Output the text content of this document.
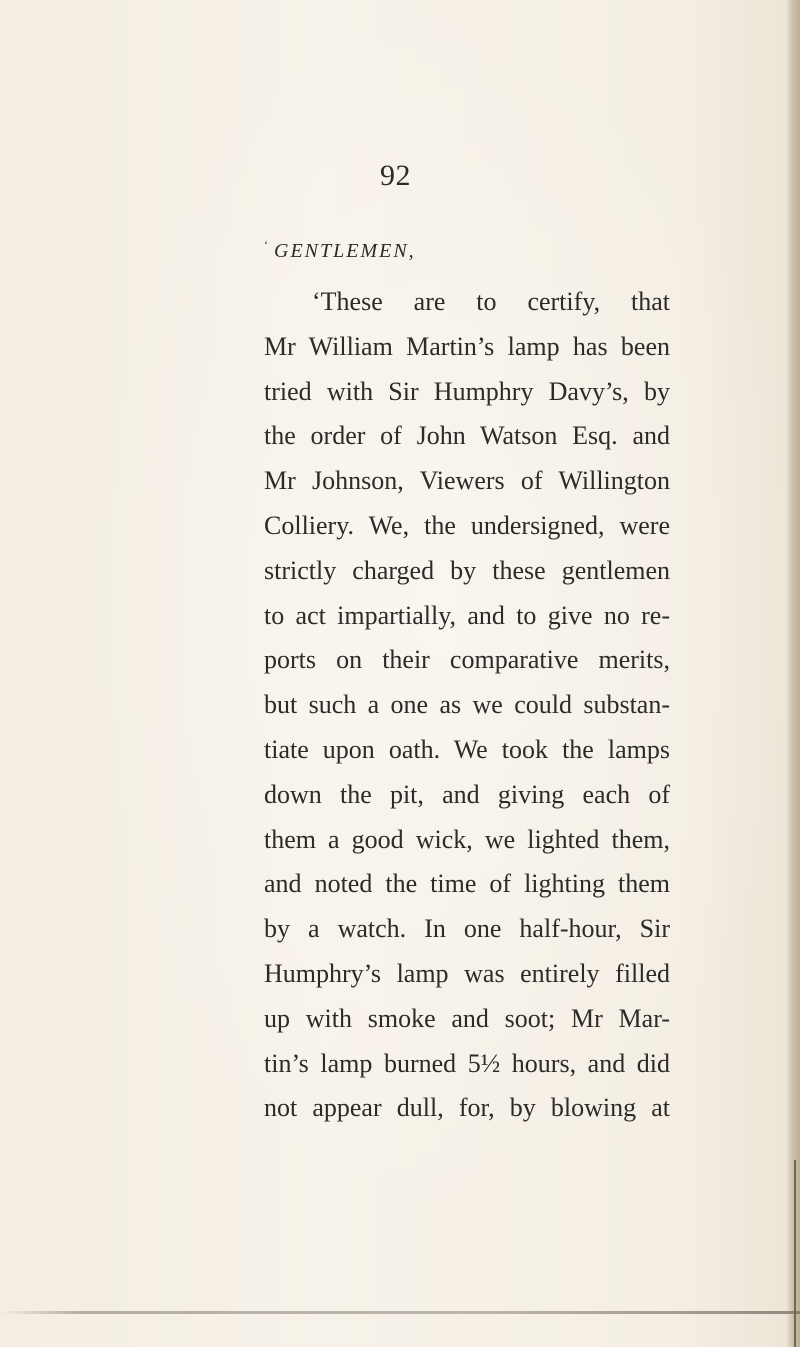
92
‘ GENTLEMEN,
‘These are to certify, that
Mr William Martin’s lamp has been
tried with Sir Humphry Davy’s, by
the order of John Watson Esq. and
Mr Johnson, Viewers of Willington
Colliery. We, the undersigned, were
strictly charged by these gentlemen
to act impartially, and to give no re-
ports on their comparative merits,
but such a one as we could substan-
tiate upon oath. We took the lamps
down the pit, and giving each of
them a good wick, we lighted them,
and noted the time of lighting them
by a watch. In one half-hour, Sir
Humphry’s lamp was entirely filled
up with smoke and soot; Mr Mar-
tin’s lamp burned 5½ hours, and did
not appear dull, for, by blowing at
